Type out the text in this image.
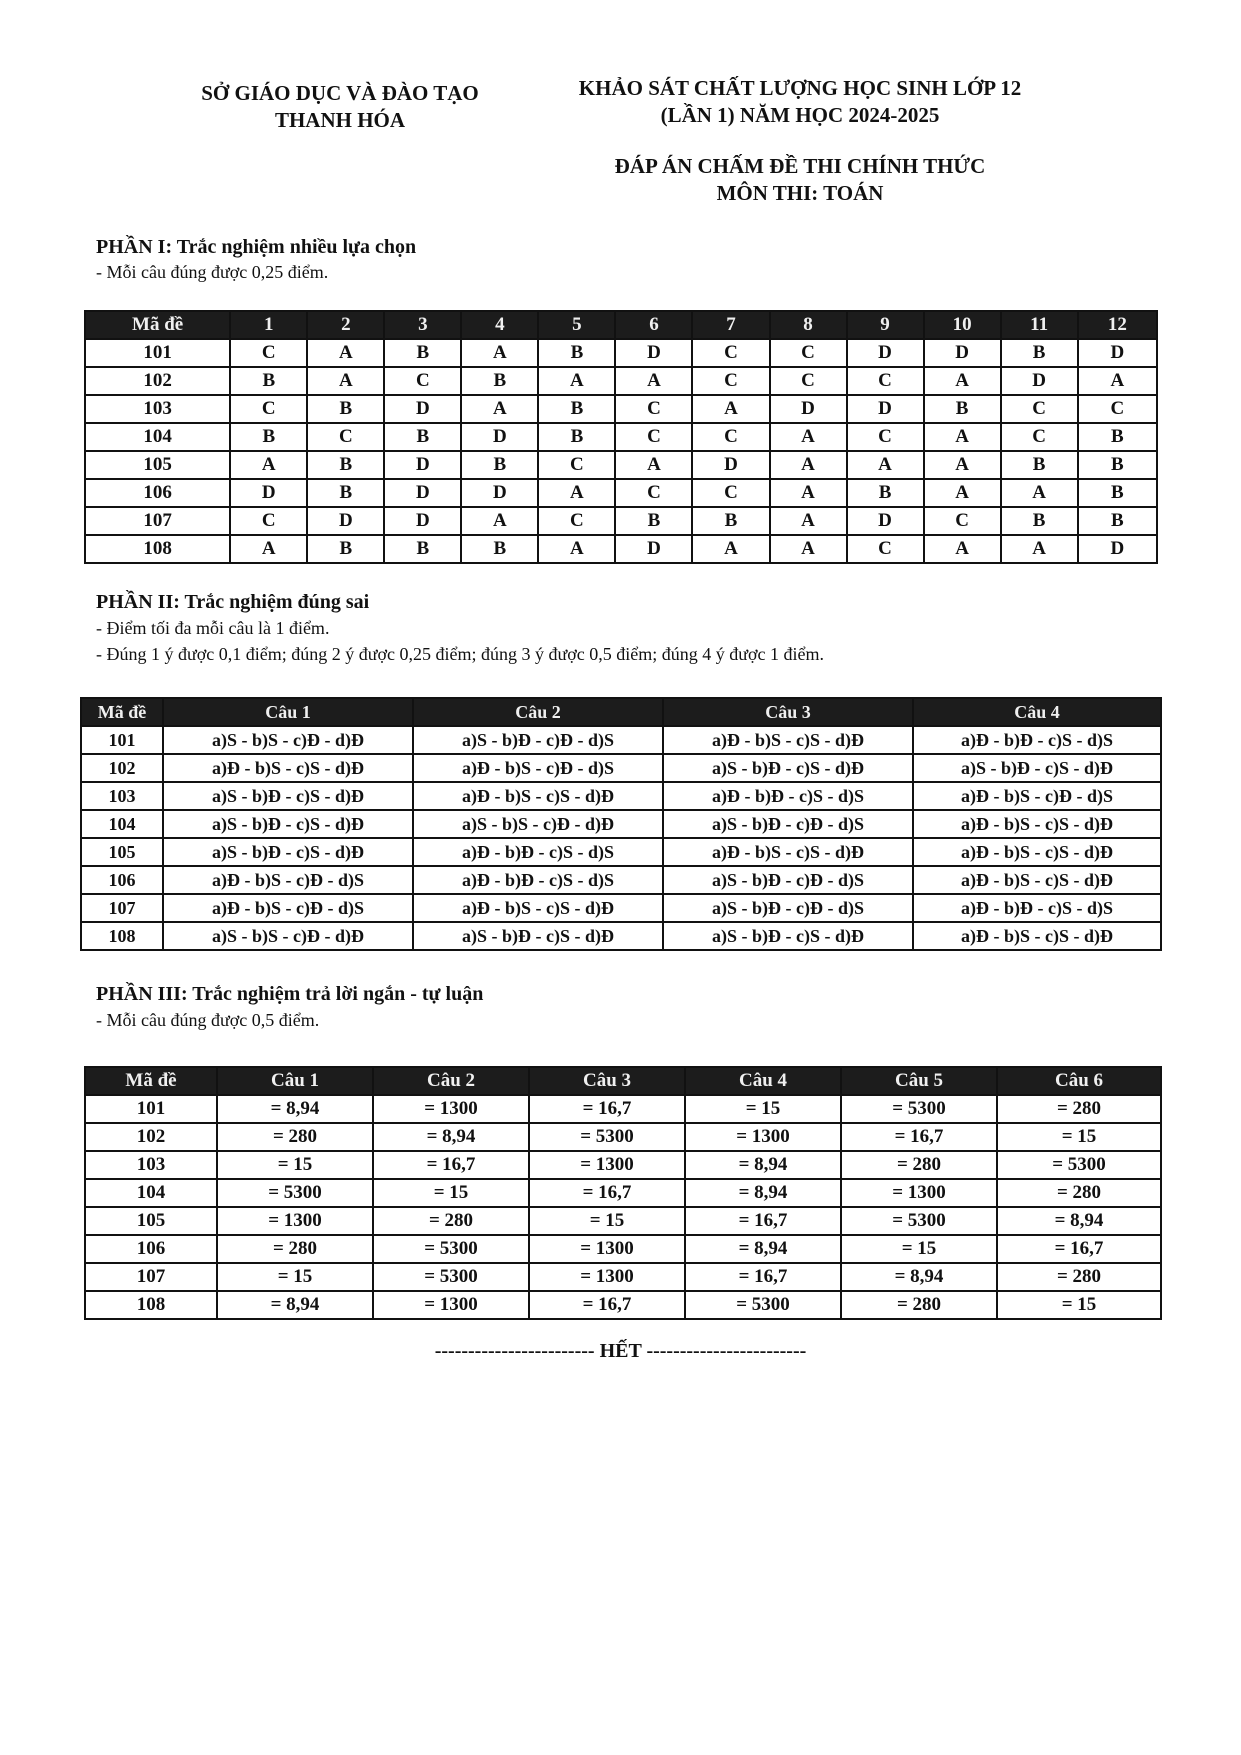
SỞ GIÁO DỤC VÀ ĐÀO TẠO
THANH HÓA
KHẢO SÁT CHẤT LƯỢNG HỌC SINH LỚP 12
(LẦN 1) NĂM HỌC 2024-2025
ĐÁP ÁN CHẤM ĐỀ THI CHÍNH THỨC
MÔN THI: TOÁN
PHẦN I: Trắc nghiệm nhiều lựa chọn
- Mỗi câu đúng được 0,25 điểm.
Mã đề	1	2	3	4	5	6	7	8	9	10	11	12
101	C	A	B	A	B	D	C	C	D	D	B	D
102	B	A	C	B	A	A	C	C	C	A	D	A
103	C	B	D	A	B	C	A	D	D	B	C	C
104	B	C	B	D	B	C	C	A	C	A	C	B
105	A	B	D	B	C	A	D	A	A	A	B	B
106	D	B	D	D	A	C	C	A	B	A	A	B
107	C	D	D	A	C	B	B	A	D	C	B	B
108	A	B	B	B	A	D	A	A	C	A	A	D
PHẦN II: Trắc nghiệm đúng sai
- Điểm tối đa mỗi câu là 1 điểm.
- Đúng 1 ý được 0,1 điểm; đúng 2 ý được 0,25 điểm; đúng 3 ý được 0,5 điểm; đúng 4 ý được 1 điểm.
Mã đề	Câu 1	Câu 2	Câu 3	Câu 4
101	a)S - b)S - c)Đ - d)Đ	a)S - b)Đ - c)Đ - d)S	a)Đ - b)S - c)S - d)Đ	a)Đ - b)Đ - c)S - d)S
102	a)Đ - b)S - c)S - d)Đ	a)Đ - b)S - c)Đ - d)S	a)S - b)Đ - c)S - d)Đ	a)S - b)Đ - c)S - d)Đ
103	a)S - b)Đ - c)S - d)Đ	a)Đ - b)S - c)S - d)Đ	a)Đ - b)Đ - c)S - d)S	a)Đ - b)S - c)Đ - d)S
104	a)S - b)Đ - c)S - d)Đ	a)S - b)S - c)Đ - d)Đ	a)S - b)Đ - c)Đ - d)S	a)Đ - b)S - c)S - d)Đ
105	a)S - b)Đ - c)S - d)Đ	a)Đ - b)Đ - c)S - d)S	a)Đ - b)S - c)S - d)Đ	a)Đ - b)S - c)S - d)Đ
106	a)Đ - b)S - c)Đ - d)S	a)Đ - b)Đ - c)S - d)S	a)S - b)Đ - c)Đ - d)S	a)Đ - b)S - c)S - d)Đ
107	a)Đ - b)S - c)Đ - d)S	a)Đ - b)S - c)S - d)Đ	a)S - b)Đ - c)Đ - d)S	a)Đ - b)Đ - c)S - d)S
108	a)S - b)S - c)Đ - d)Đ	a)S - b)Đ - c)S - d)Đ	a)S - b)Đ - c)S - d)Đ	a)Đ - b)S - c)S - d)Đ
PHẦN III: Trắc nghiệm trả lời ngắn - tự luận
- Mỗi câu đúng được 0,5 điểm.
Mã đề	Câu 1	Câu 2	Câu 3	Câu 4	Câu 5	Câu 6
101	= 8,94	= 1300	= 16,7	= 15	= 5300	= 280
102	= 280	= 8,94	= 5300	= 1300	= 16,7	= 15
103	= 15	= 16,7	= 1300	= 8,94	= 280	= 5300
104	= 5300	= 15	= 16,7	= 8,94	= 1300	= 280
105	= 1300	= 280	= 15	= 16,7	= 5300	= 8,94
106	= 280	= 5300	= 1300	= 8,94	= 15	= 16,7
107	= 15	= 5300	= 1300	= 16,7	= 8,94	= 280
108	= 8,94	= 1300	= 16,7	= 5300	= 280	= 15
------------------------ HẾT ------------------------
